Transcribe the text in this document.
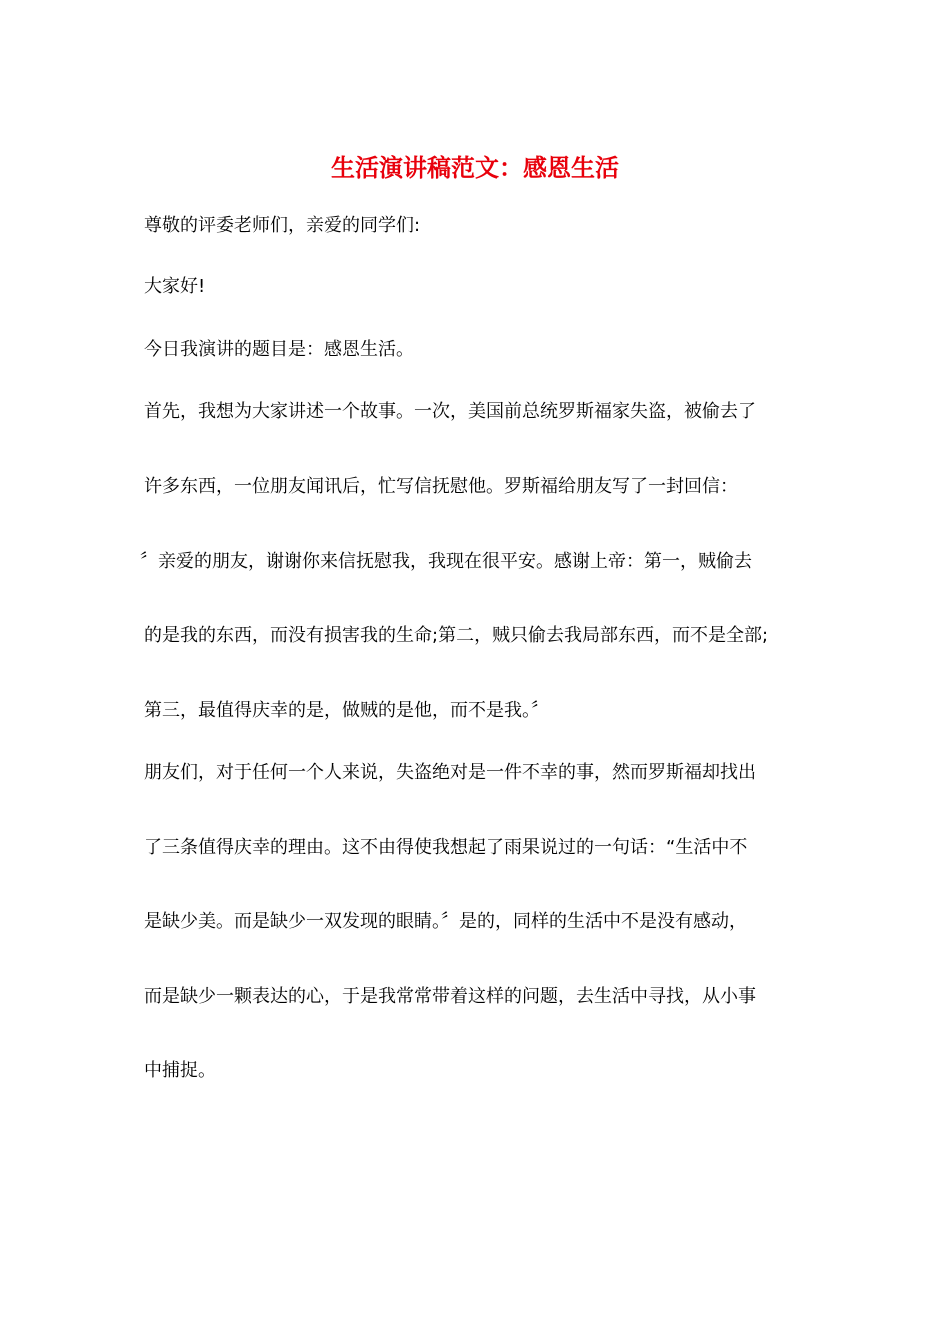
生活演讲稿范文：感恩生活
尊敬的评委老师们，亲爱的同学们:
大家好!
今日我演讲的题目是：感恩生活。
首先，我想为大家讲述一个故事。一次，美国前总统罗斯福家失盗，被偷去了
许多东西，一位朋友闻讯后，忙写信抚慰他。罗斯福给朋友写了一封回信：
〞亲爱的朋友，谢谢你来信抚慰我，我现在很平安。感谢上帝：第一，贼偷去
的是我的东西，而没有损害我的生命;第二，贼只偷去我局部东西，而不是全部;
第三，最值得庆幸的是，做贼的是他，而不是我。〞
朋友们，对于任何一个人来说，失盗绝对是一件不幸的事，然而罗斯福却找出
了三条值得庆幸的理由。这不由得使我想起了雨果说过的一句话：“生活中不
是缺少美。而是缺少一双发现的眼睛。〞是的，同样的生活中不是没有感动，
而是缺少一颗表达的心，于是我常常带着这样的问题，去生活中寻找，从小事
中捕捉。
